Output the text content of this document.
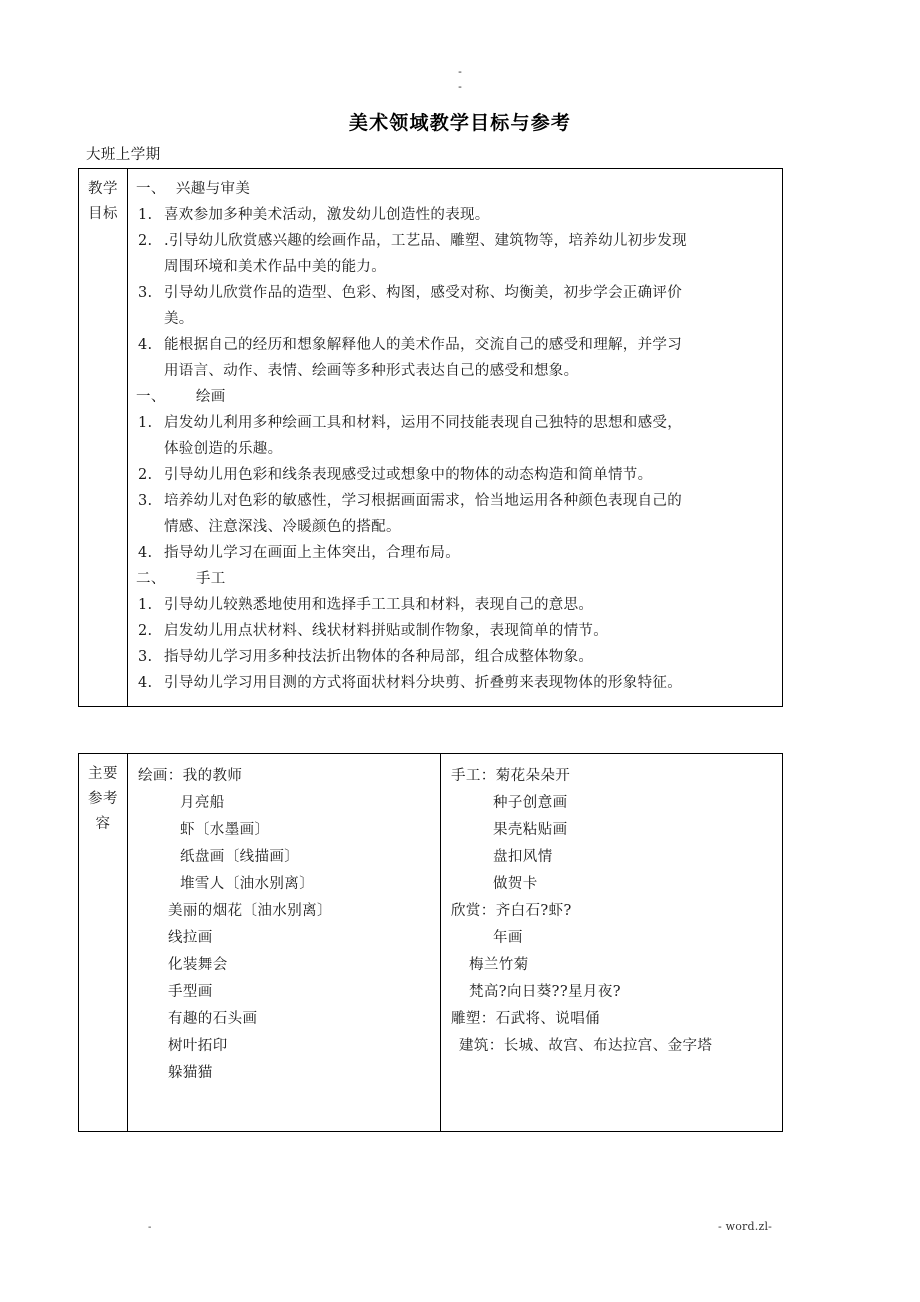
-
-
美术领域教学目标与参考
大班上学期
教学
目标

一、  兴趣与审美
1. 喜欢参加多种美术活动，激发幼儿创造性的表现。

2. .引导幼儿欣赏感兴趣的绘画作品，工艺品、雕塑、建筑物等，培养幼儿初步发现

周围环境和美术作品中美的能力。

3. 引导幼儿欣赏作品的造型、色彩、构图，感受对称、均衡美，初步学会正确评价

美。

4. 能根据自己的经历和想象解释他人的美术作品，交流自己的感受和理解，并学习

用语言、动作、表情、绘画等多种形式表达自己的感受和想象。

一、      绘画
1. 启发幼儿利用多种绘画工具和材料，运用不同技能表现自己独特的思想和感受，

体验创造的乐趣。

2. 引导幼儿用色彩和线条表现感受过或想象中的物体的动态构造和简单情节。

3. 培养幼儿对色彩的敏感性，学习根据画面需求，恰当地运用各种颜色表现自己的

情感、注意深浅、冷暖颜色的搭配。

4. 指导幼儿学习在画面上主体突出，合理布局。

二、      手工
1. 引导幼儿较熟悉地使用和选择手工工具和材料，表现自己的意思。

2. 启发幼儿用点状材料、线状材料拼贴或制作物象，表现简单的情节。

3. 指导幼儿学习用多种技法折出物体的各种局部，组合成整体物象。

4. 引导幼儿学习用目测的方式将面状材料分块剪、折叠剪来表现物体的形象特征。

主要
参考
容

绘画：我的教师
月亮船
虾〔水墨画〕
纸盘画〔线描画〕
堆雪人〔油水别离〕
美丽的烟花〔油水别离〕
线拉画
化装舞会
手型画
有趣的石头画
树叶拓印
躲猫猫

手工：菊花朵朵开
种子创意画
果壳粘贴画
盘扣风情
做贺卡
欣赏：齐白石?虾?
年画
梅兰竹菊
梵高?向日葵??星月夜?
雕塑：石武将、说唱俑
建筑：长城、故宫、布达拉宫、金字塔
-	- word.zl-
